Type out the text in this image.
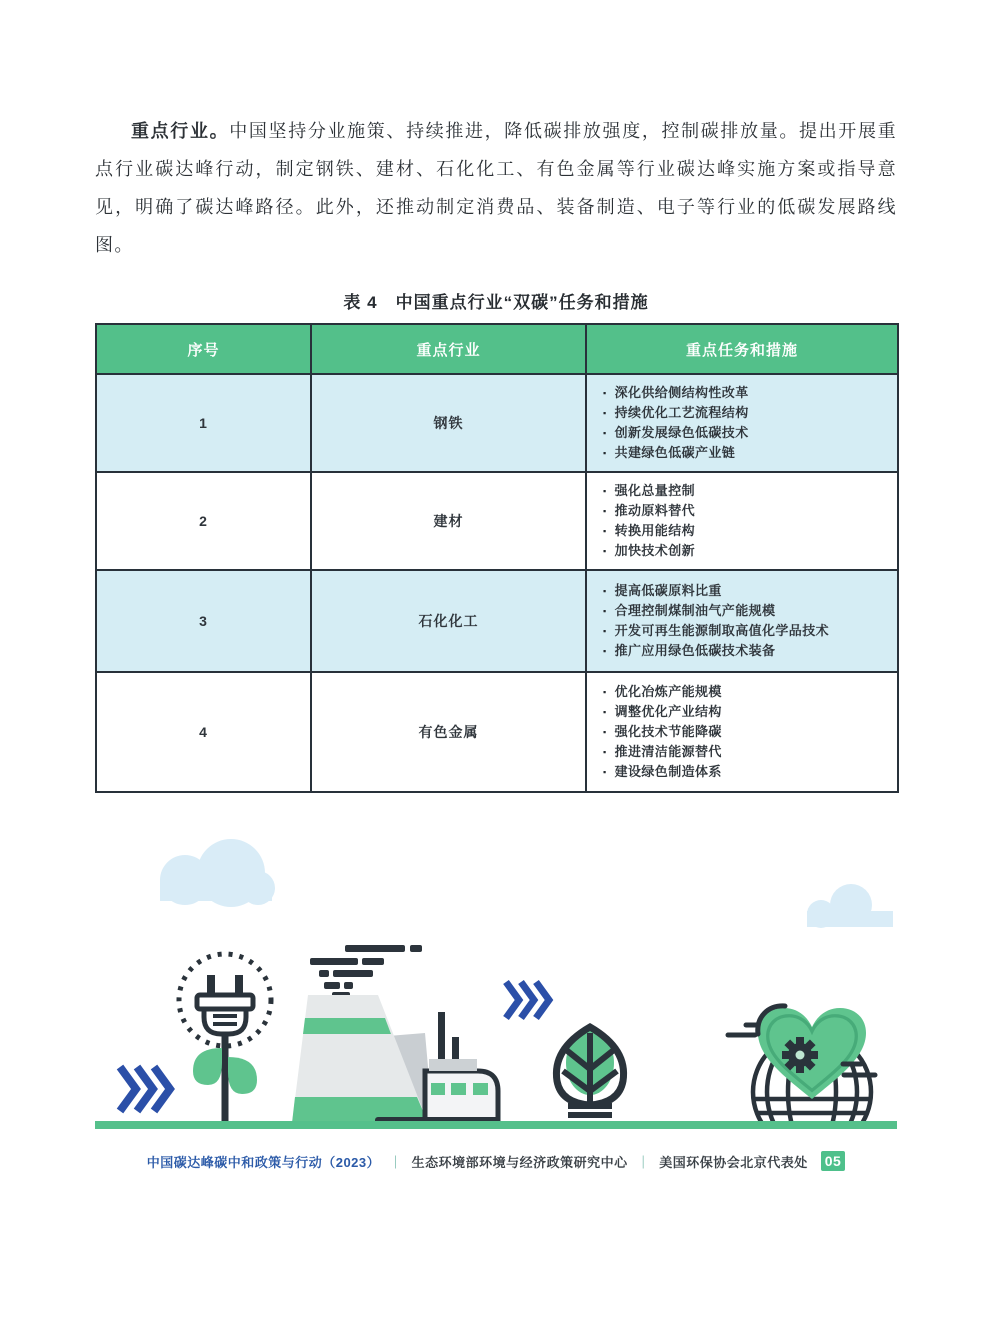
重点行业。中国坚持分业施策、持续推进，降低碳排放强度，控制碳排放量。提出开展重点行业碳达峰行动，制定钢铁、建材、石化化工、有色金属等行业碳达峰实施方案或指导意见，明确了碳达峰路径。此外，还推动制定消费品、装备制造、电子等行业的低碳发展路线图。

表 4　中国重点行业“双碳”任务和措施
序号	重点行业	重点任务和措施
1	钢铁	
▪ 深化供给侧结构性改革
▪ 持续优化工艺流程结构
▪ 创新发展绿色低碳技术
▪ 共建绿色低碳产业链

2	建材	
▪ 强化总量控制
▪ 推动原料替代
▪ 转换用能结构
▪ 加快技术创新

3	石化化工	
▪ 提高低碳原料比重
▪ 合理控制煤制油气产能规模
▪ 开发可再生能源制取高值化学品技术
▪ 推广应用绿色低碳技术装备

4	有色金属	
▪ 优化冶炼产能规模
▪ 调整优化产业结构
▪ 强化技术节能降碳
▪ 推进清洁能源替代
▪ 建设绿色制造体系
中国碳达峰碳中和政策与行动（2023） ｜ 生态环境部环境与经济政策研究中心 ｜ 美国环保协会北京代表处 05
